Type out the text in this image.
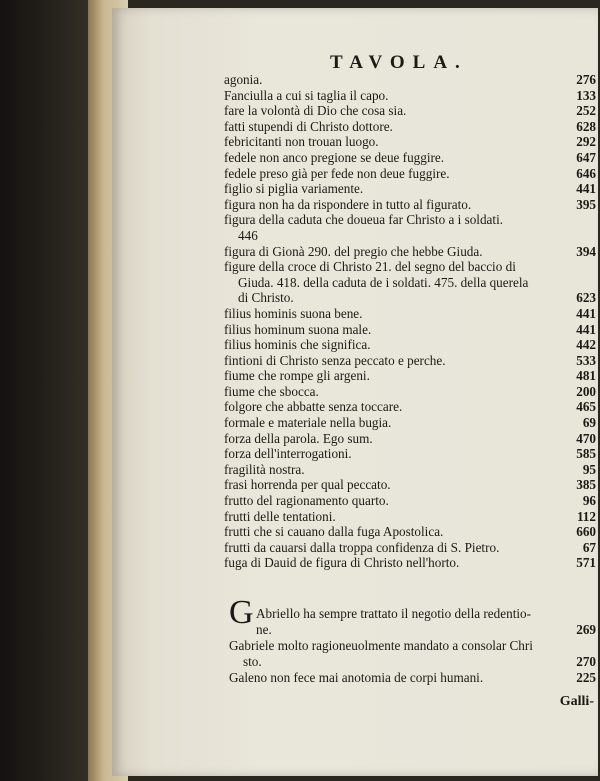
TAVOLA.
agonia.	276
Fanciulla a cui si taglia il capo.	133
fare la volontà di Dio che cosa sia.	252
fatti stupendi di Christo dottore.	628
febricitanti non trouan luogo.	292
fedele non anco pregione se deue fuggire.	647
fedele preso già per fede non deue fuggire.	646
figlio si piglia variamente.	441
figura non ha da rispondere in tutto al figurato.	395
figura della caduta che doueua far Christo a i soldati.
446
figura di Gionà 290. del pregio che hebbe Giuda.	394
figure della croce di Christo 21. del segno del baccio di
Giuda. 418. della caduta de i soldati. 475. della querela
di Christo.	623
filius hominis suona bene.	441
filius hominum suona male.	441
filius hominis che significa.	442
fintioni di Christo senza peccato e perche.	533
fiume che rompe gli argeni.	481
fiume che sbocca.	200
folgore che abbatte senza toccare.	465
formale e materiale nella bugia.	69
forza della parola. Ego sum.	470
forza dell'interrogationi.	585
fragilità nostra.	95
frasi horrenda per qual peccato.	385
frutto del ragionamento quarto.	96
frutti delle tentationi.	112
frutti che si cauano dalla fuga Apostolica.	660
frutti da cauarsi dalla troppa confidenza di S. Pietro.	67
fuga di Dauid de figura di Christo nell'horto.	571
G Abriello ha sempre trattato il negotio della redentio-
ne.	269
Gabriele molto ragioneuolmente mandato a consolar Chri
sto.	270
Galeno non fece mai anotomia de corpi humani.	225
Galli-
